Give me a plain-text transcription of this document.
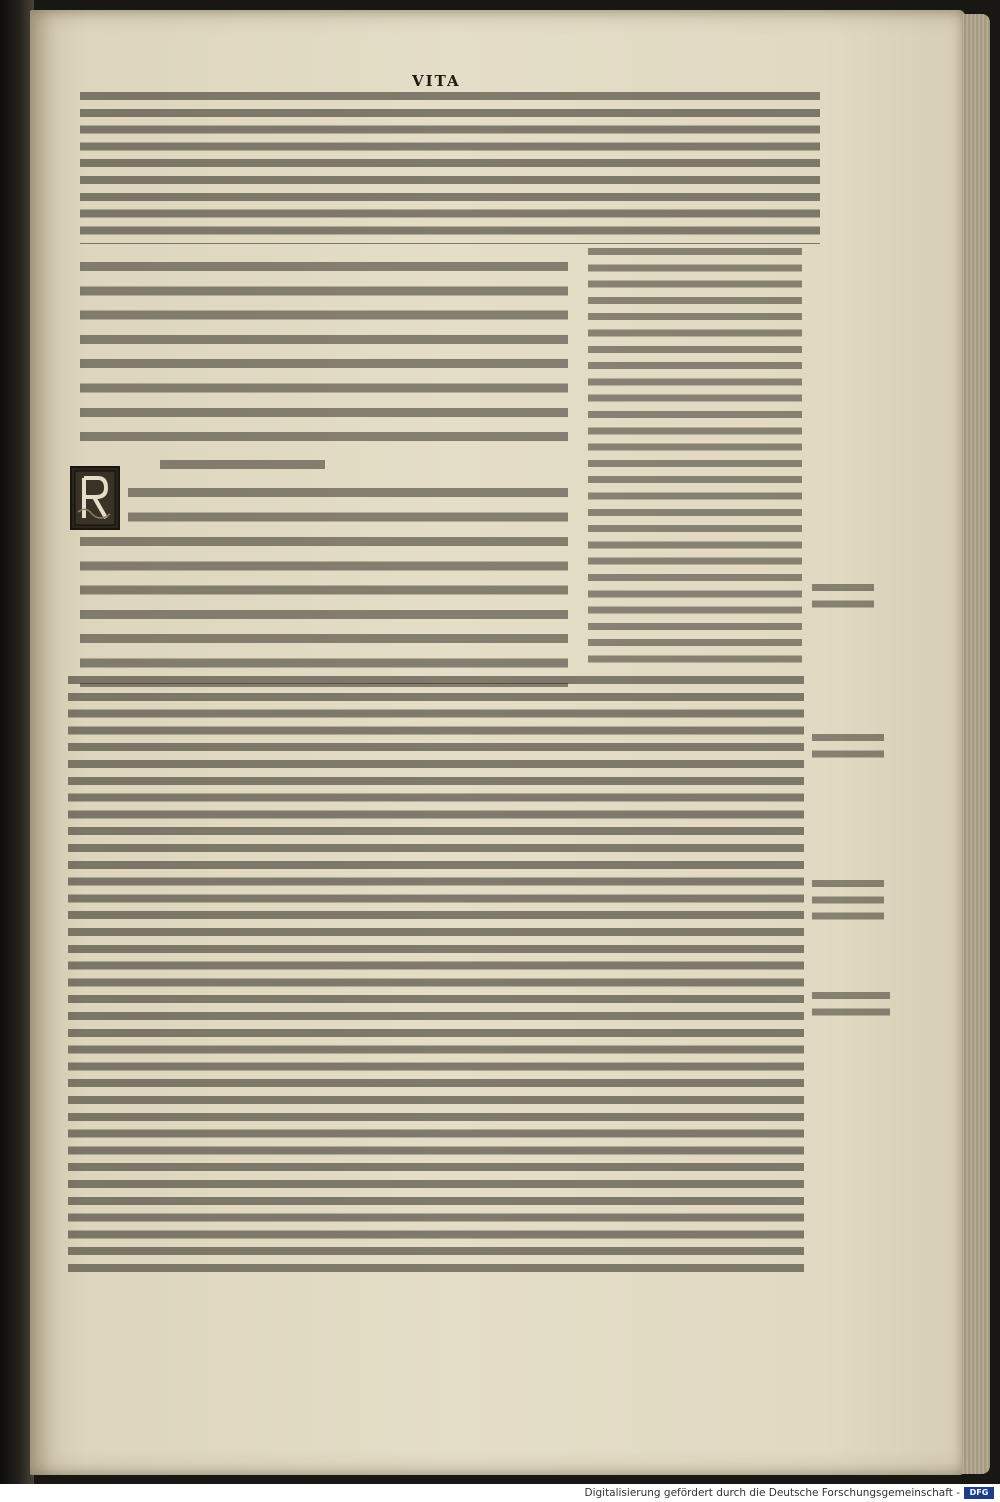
VITA
Digitalisierung gefördert durch die Deutsche Forschungsgemeinschaft -	DFG
